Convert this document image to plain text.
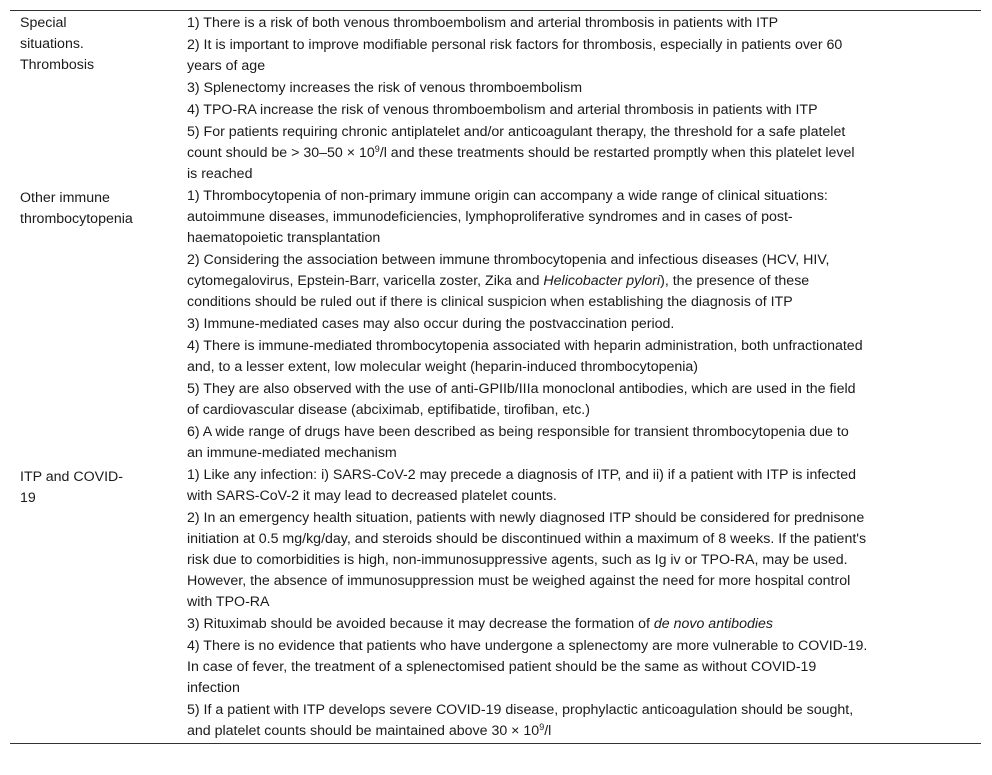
Special
situations.
Thrombosis	1) There is a risk of both venous thromboembolism and arterial thrombosis in patients with ITP

	2) It is important to improve modifiable personal risk factors for thrombosis, especially in patients over 60
years of age

	3) Splenectomy increases the risk of venous thromboembolism
	4) TPO-RA increase the risk of venous thromboembolism and arterial thrombosis in patients with ITP

	5) For patients requiring chronic antiplatelet and/or anticoagulant therapy, the threshold for a safe platelet
count should be > $30-50 \times 10^9/l$ and these treatments should be restarted promptly when this platelet level
is reached

Other immune
thrombocytopenia	1) Thrombocytopenia of non-primary immune origin can accompany a wide range of clinical situations:
autoimmune diseases, immunodeficiencies, lymphoproliferative syndromes and in cases of post-
haematopoietic transplantation

	2) Considering the association between immune thrombocytopenia and infectious diseases (HCV, HIV,
cytomegalovirus, Epstein-Barr, varicella zoster, Zika and Helicobacter pylori), the presence of these
conditions should be ruled out if there is clinical suspicion when establishing the diagnosis of ITP

	3) Immune-mediated cases may also occur during the postvaccination period.

	4) There is immune-mediated thrombocytopenia associated with heparin administration, both unfractionated
and, to a lesser extent, low molecular weight (heparin-induced thrombocytopenia)

	5) They are also observed with the use of anti-GPIIb/IIIa monoclonal antibodies, which are used in the field
of cardiovascular disease (abciximab, eptifibatide, tirofiban, etc.)

	6) A wide range of drugs have been described as being responsible for transient thrombocytopenia due to
an immune-mediated mechanism

ITP and COVID-
19	1) Like any infection: i) SARS-CoV-2 may precede a diagnosis of ITP, and ii) if a patient with ITP is infected
with SARS-CoV-2 it may lead to decreased platelet counts.

	2) In an emergency health situation, patients with newly diagnosed ITP should be considered for prednisone
initiation at 0.5 mg/kg/day, and steroids should be discontinued within a maximum of 8 weeks. If the patient's
risk due to comorbidities is high, non-immunosuppressive agents, such as Ig iv or TPO-RA, may be used.
However, the absence of immunosuppression must be weighed against the need for more hospital control
with TPO-RA

	3) Rituximab should be avoided because it may decrease the formation of de novo antibodies

	4) There is no evidence that patients who have undergone a splenectomy are more vulnerable to COVID-19.
In case of fever, the treatment of a splenectomised patient should be the same as without COVID-19
infection

	5) If a patient with ITP develops severe COVID-19 disease, prophylactic anticoagulation should be sought,
and platelet counts should be maintained above $30 \times 10^9/l$
